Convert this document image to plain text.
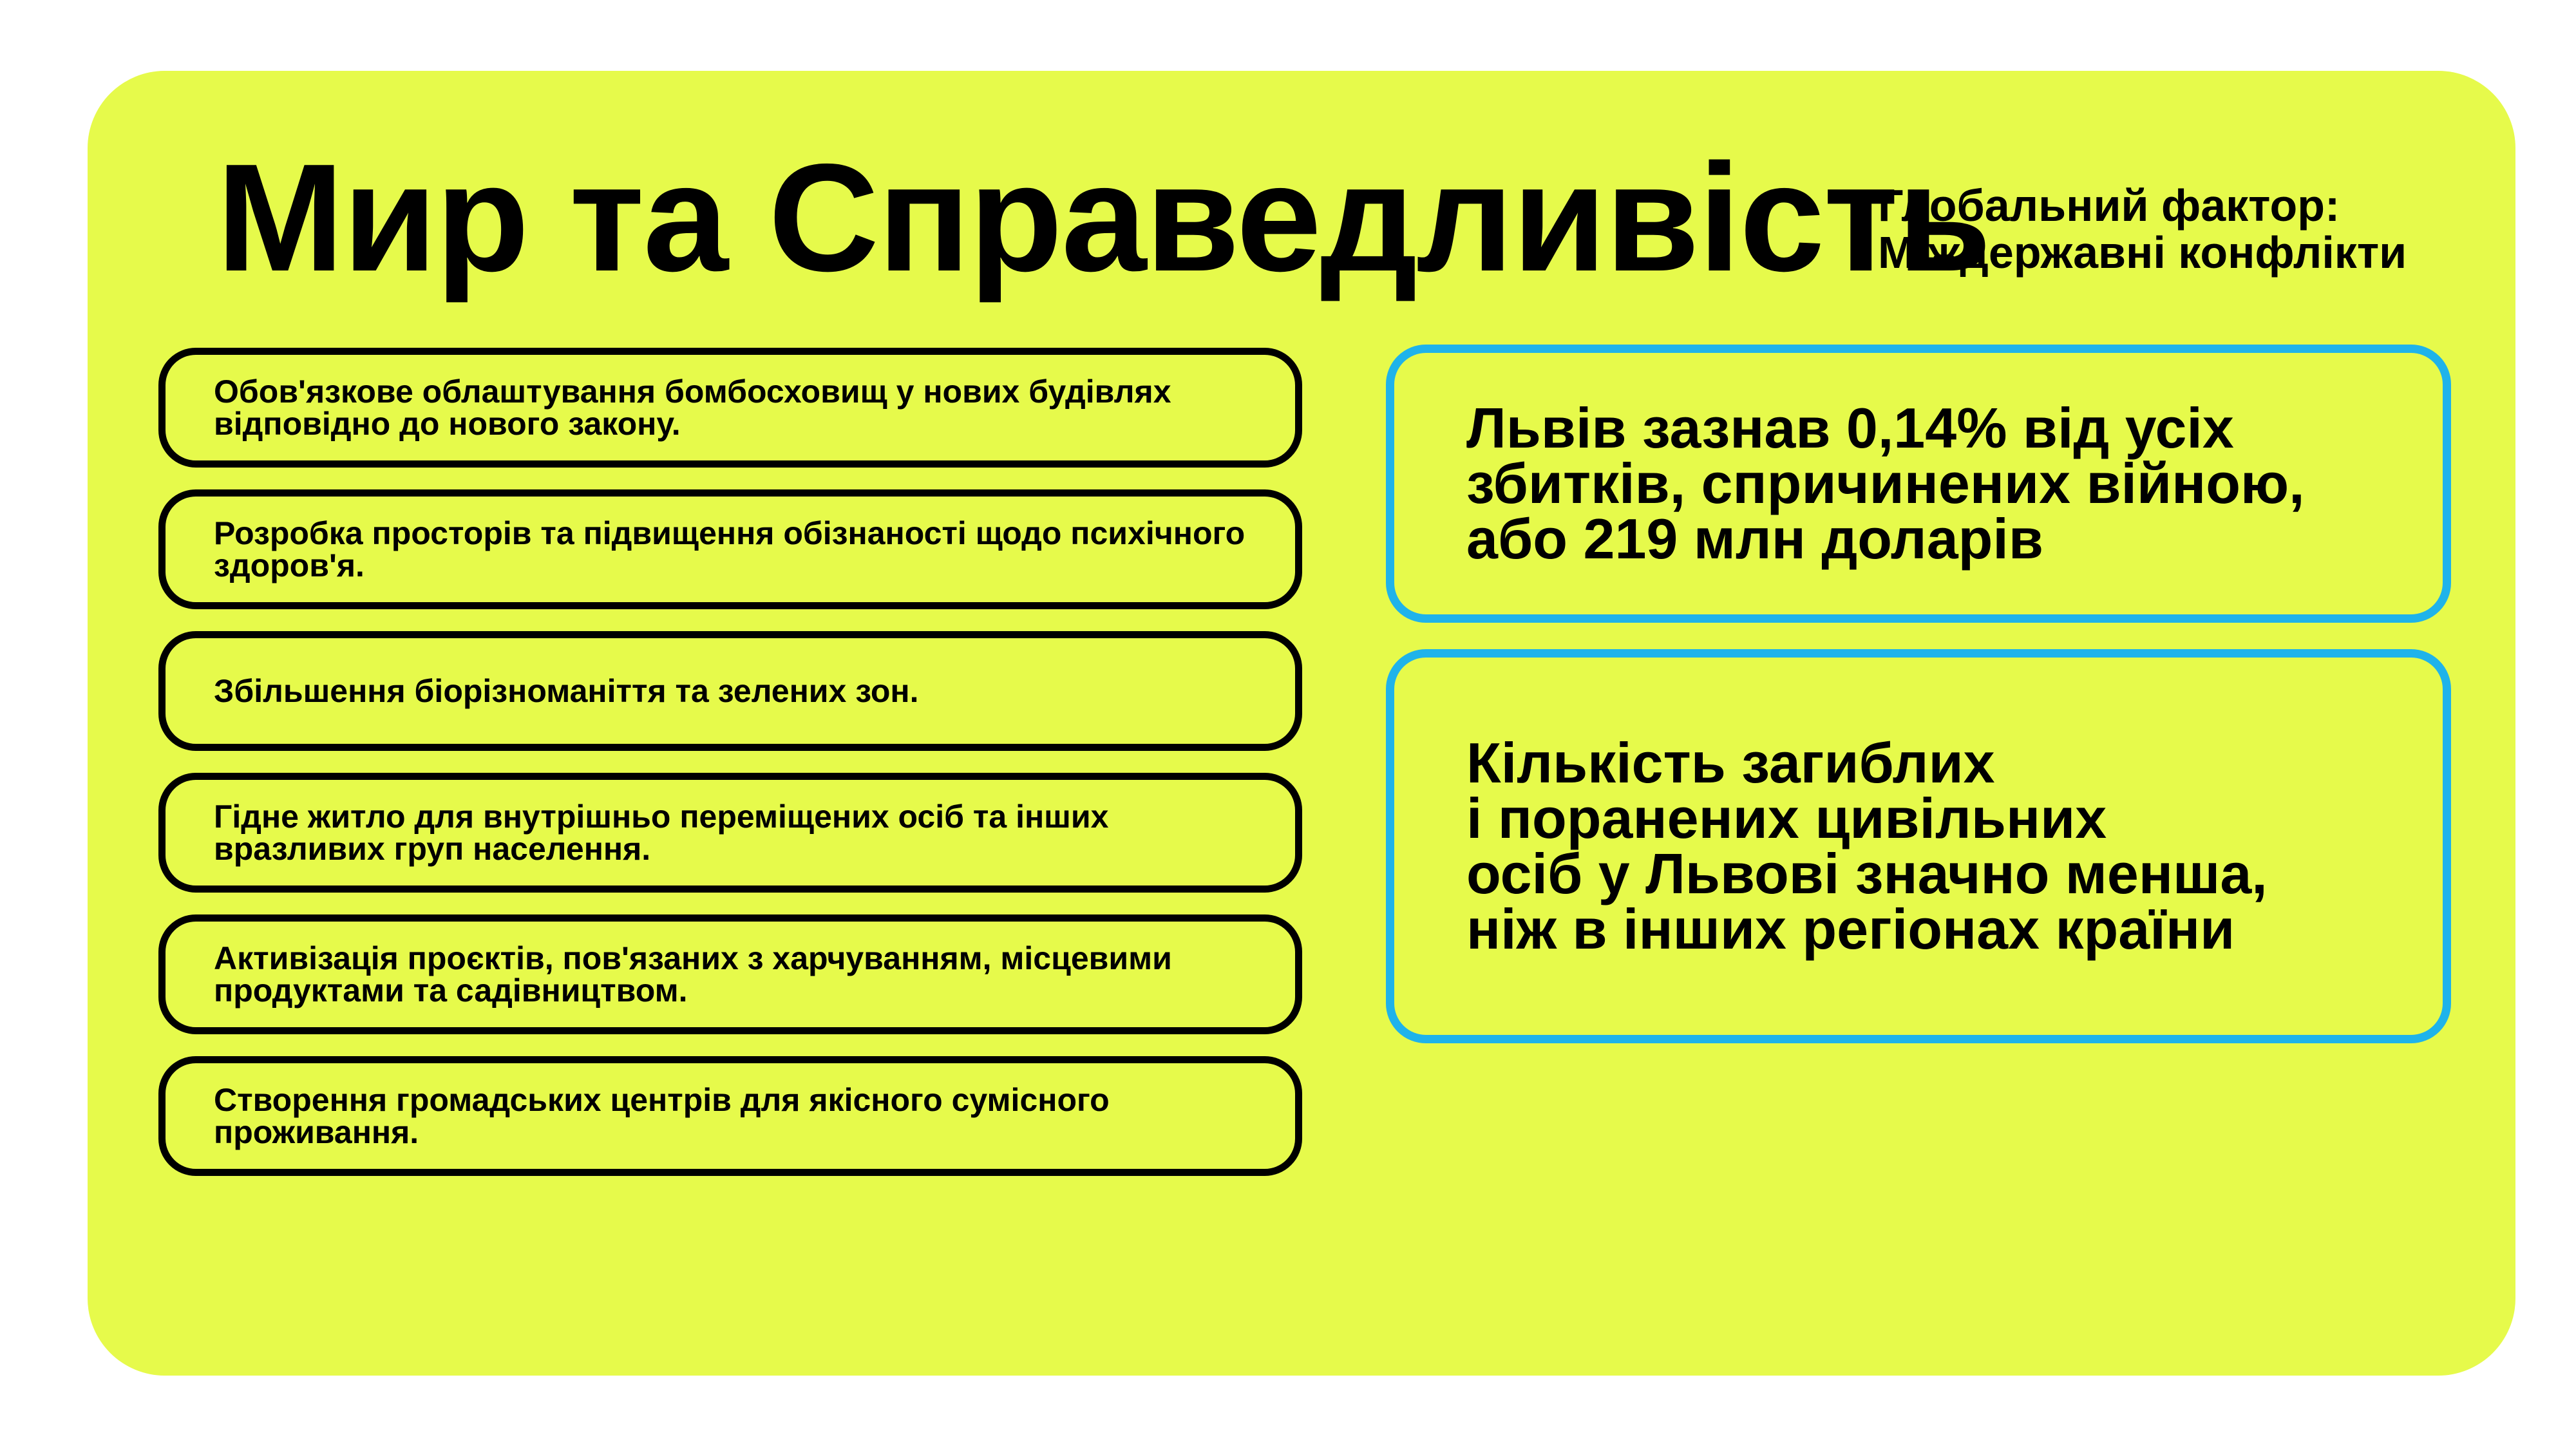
Мир та Справедливість
Глобальний фактор:
Міждержавні конфлікти
Обов'язкове облаштування бомбосховищ у нових будівлях відповідно до нового закону.
Розробка просторів та підвищення обізнаності щодо психічного здоров'я.
Збільшення біорізноманіття та зелених зон.
Гідне житло для внутрішньо переміщених осіб та інших вразливих груп населення.
Активізація проєктів, пов'язаних з харчуванням, місцевими продуктами та садівництвом.
Створення громадських центрів для якісного сумісного проживання.
Львів зазнав 0,14% від усіх
збитків, спричинених війною,
або 219 млн доларів
Кількість загиблих
і поранених цивільних
осіб у Львові значно менша,
ніж в інших регіонах країни
